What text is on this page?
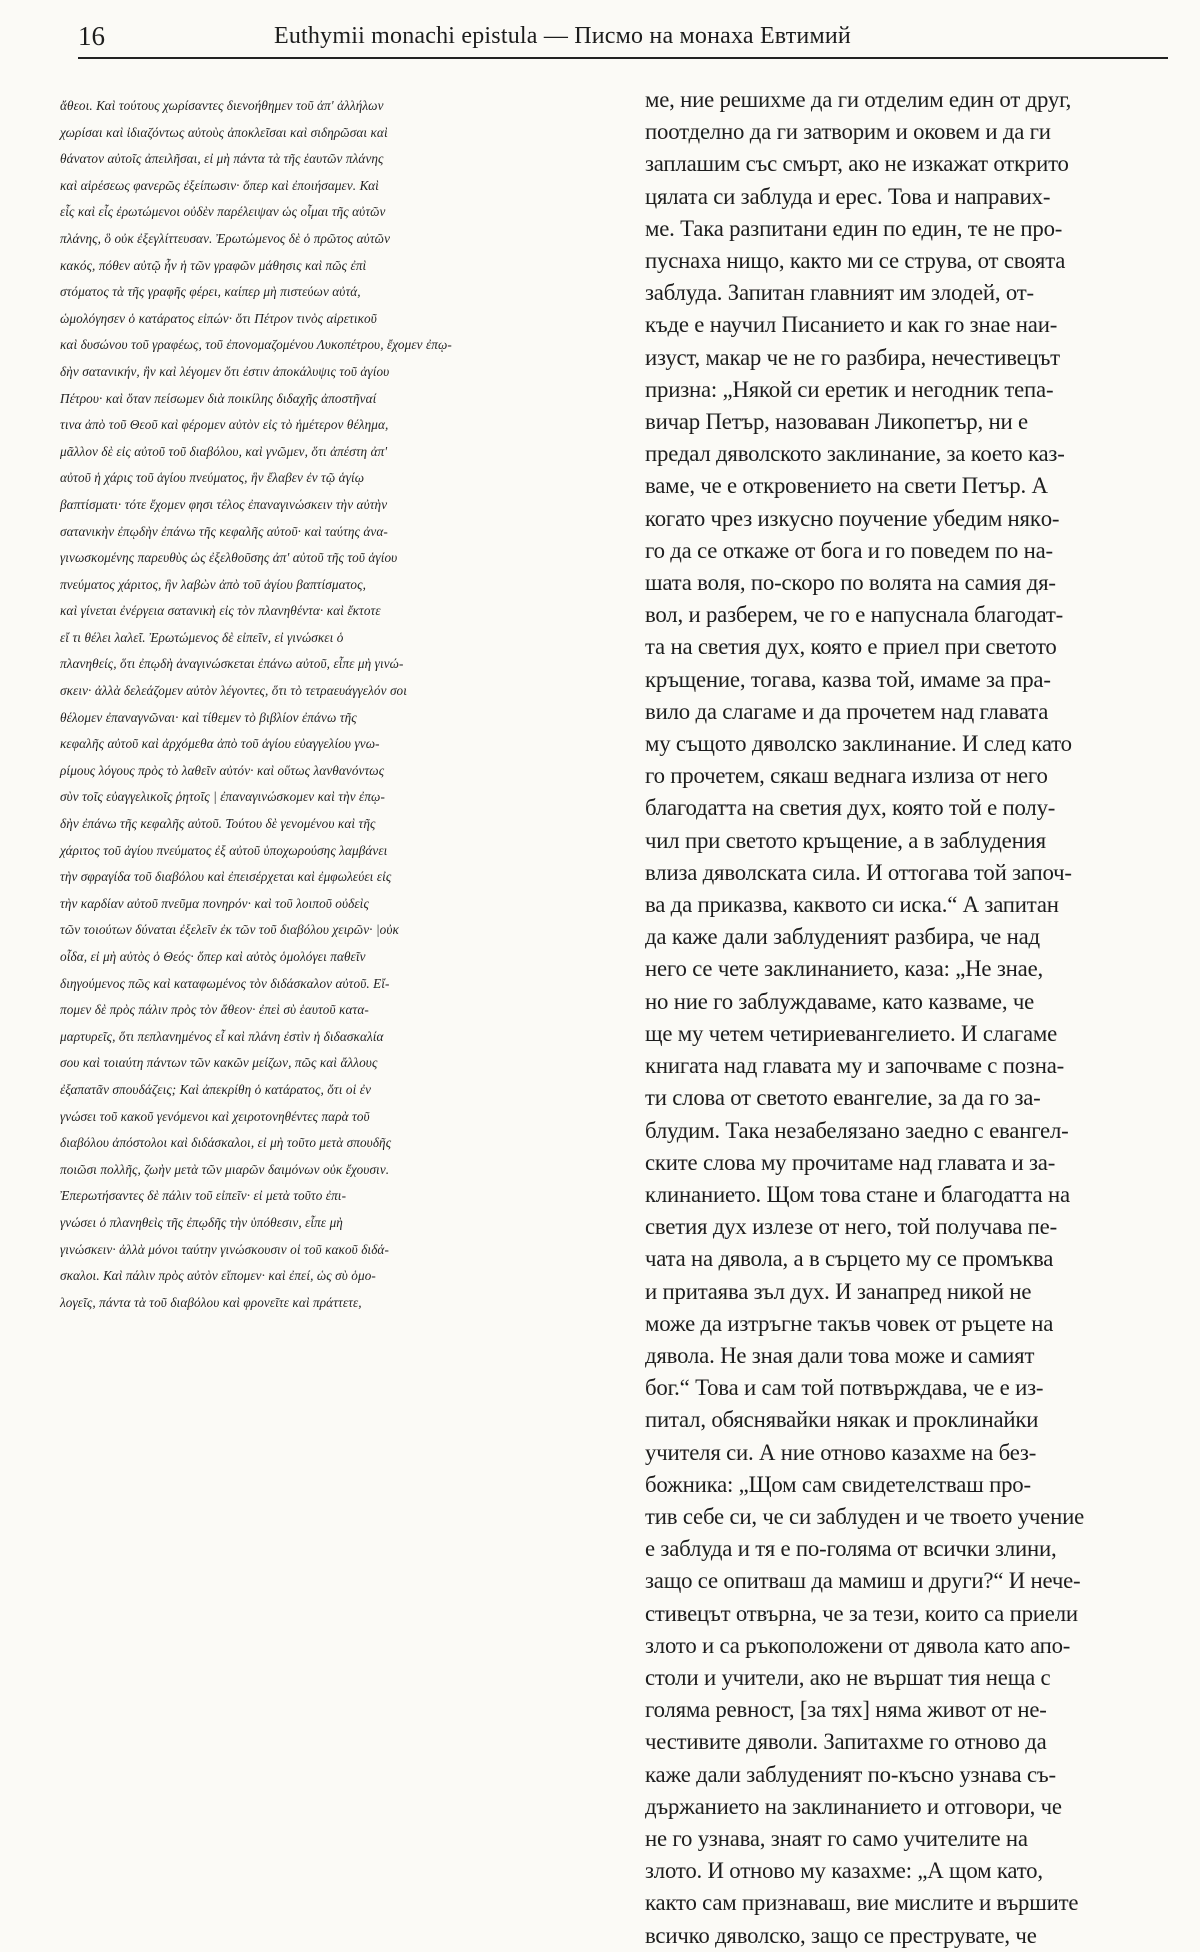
16	Euthymii monachi epistula — Писмо на монаха Евтимий
ἄθεοι. Καὶ τούτους χωρίσαντες διενοήθημεν τοῦ ἀπ' ἀλλήλων
χωρίσαι καὶ ἰδιαζόντως αὐτοὺς ἀποκλεῖσαι καὶ σιδηρῶσαι καὶ
θάνατον αὐτοῖς ἀπειλῆσαι, εἰ μὴ πάντα τὰ τῆς ἑαυτῶν πλάνης
καὶ αἱρέσεως φανερῶς ἐξείπωσιν· ὅπερ καὶ ἐποιήσαμεν. Καὶ
εἷς καὶ εἷς ἐρωτώμενοι οὐδὲν παρέλειψαν ὡς οἶμαι τῆς αὐτῶν
πλάνης, ὃ οὐκ ἐξεγλίττευσαν. Ἐρωτώμενος δὲ ὁ πρῶτος αὐτῶν
κακός, πόθεν αὐτῷ ἦν ἡ τῶν γραφῶν μάθησις καὶ πῶς ἐπὶ
στόματος τὰ τῆς γραφῆς φέρει, καίπερ μὴ πιστεύων αὐτά,
ὡμολόγησεν ὁ κατάρατος εἰπών· ὅτι Πέτρον τινὸς αἱρετικοῦ
καὶ δυσώνου τοῦ γραφέως, τοῦ ἐπονομαζομένου Λυκοπέτρου, ἔχομεν ἐπῳ-
δὴν σατανικήν, ἣν καὶ λέγομεν ὅτι ἐστιν ἀποκάλυψις τοῦ ἁγίου
Πέτρου· καὶ ὅταν πείσωμεν διὰ ποικίλης διδαχῆς ἀποστῆναί
τινα ἀπὸ τοῦ Θεοῦ καὶ φέρομεν αὐτὸν εἰς τὸ ἡμέτερον θέλημα,
μᾶλλον δὲ εἰς αὐτοῦ τοῦ διαβόλου, καὶ γνῶμεν, ὅτι ἀπέστη ἀπ'
αὐτοῦ ἡ χάρις τοῦ ἁγίου πνεύματος, ἣν ἔλαβεν ἐν τῷ ἁγίῳ
βαπτίσματι· τότε ἔχομεν φησι τέλος ἐπαναγινώσκειν τὴν αὐτὴν
σατανικὴν ἐπῳδὴν ἐπάνω τῆς κεφαλῆς αὐτοῦ· καὶ ταύτης ἀνα-
γινωσκομένης παρευθὺς ὡς ἐξελθοῦσης ἀπ' αὐτοῦ τῆς τοῦ ἁγίου
πνεύματος χάριτος, ἣν λαβὼν ἀπὸ τοῦ ἁγίου βαπτίσματος,
καὶ γίνεται ἐνέργεια σατανικὴ εἰς τὸν πλανηθέντα· καὶ ἔκτοτε
εἴ τι θέλει λαλεῖ. Ἐρωτώμενος δὲ εἰπεῖν, εἰ γινώσκει ὁ
πλανηθείς, ὅτι ἐπῳδὴ ἀναγινώσκεται ἐπάνω αὐτοῦ, εἶπε μὴ γινώ-
σκειν· ἀλλὰ δελεάζομεν αὐτὸν λέγοντες, ὅτι τὸ τετραευάγγελόν σοι
θέλομεν ἐπαναγνῶναι· καὶ τίθεμεν τὸ βιβλίον ἐπάνω τῆς
κεφαλῆς αὐτοῦ καὶ ἀρχόμεθα ἀπὸ τοῦ ἁγίου εὐαγγελίου γνω-
ρίμους λόγους πρὸς τὸ λαθεῖν αὐτόν· καὶ οὕτως λανθανόντως
σὺν τοῖς εὐαγγελικοῖς ῥητοῖς | ἐπαναγινώσκομεν καὶ τὴν ἐπῳ-
δὴν ἐπάνω τῆς κεφαλῆς αὐτοῦ. Τούτου δὲ γενομένου καὶ τῆς
χάριτος τοῦ ἁγίου πνεύματος ἐξ αὐτοῦ ὑποχωρούσης λαμβάνει
τὴν σφραγίδα τοῦ διαβόλου καὶ ἐπεισέρχεται καὶ ἐμφωλεύει εἰς
τὴν καρδίαν αὐτοῦ πνεῦμα πονηρόν· καὶ τοῦ λοιποῦ οὐδεὶς
τῶν τοιούτων δύναται ἐξελεῖν ἐκ τῶν τοῦ διαβόλου χειρῶν· |οὐκ
οἶδα, εἰ μὴ αὐτὸς ὁ Θεός· ὅπερ καὶ αὐτὸς ὁμολόγει παθεῖν
διηγούμενος πῶς καὶ καταφωμένος τὸν διδάσκαλον αὐτοῦ. Εἴ-
πομεν δὲ πρὸς πάλιν πρὸς τὸν ἄθεον· ἐπεὶ σὺ ἑαυτοῦ κατα-
μαρτυρεῖς, ὅτι πεπλανημένος εἶ καὶ πλάνη ἐστὶν ἡ διδασκαλία
σου καὶ τοιαύτη πάντων τῶν κακῶν μείζων, πῶς καὶ ἄλλους
ἐξαπατᾶν σπουδάζεις; Καὶ ἀπεκρίθη ὁ κατάρατος, ὅτι οἱ ἐν
γνώσει τοῦ κακοῦ γενόμενοι καὶ χειροτονηθέντες παρὰ τοῦ
διαβόλου ἀπόστολοι καὶ διδάσκαλοι, εἰ μὴ τοῦτο μετὰ σπουδῆς
ποιῶσι πολλῆς, ζωὴν μετὰ τῶν μιαρῶν δαιμόνων οὐκ ἔχουσιν.
Ἐπερωτήσαντες δὲ πάλιν τοῦ εἰπεῖν· εἰ μετὰ τοῦτο ἐπι-
γνώσει ὁ πλανηθεὶς τῆς ἐπῳδῆς τὴν ὑπόθεσιν, εἶπε μὴ
γινώσκειν· ἀλλὰ μόνοι ταύτην γινώσκουσιν οἱ τοῦ κακοῦ διδά-
σκαλοι. Καὶ πάλιν πρὸς αὐτὸν εἴπομεν· καὶ ἐπεί, ὡς σὺ ὁμο-
λογεῖς, πάντα τὰ τοῦ διαβόλου καὶ φρονεῖτε καὶ πράττετε,
ме, ние решихме да ги отделим един от друг,
поотделно да ги затворим и оковем и да ги
заплашим със смърт, ако не изкажат открито
цялата си заблуда и ерес. Това и направих-
ме. Така разпитани един по един, те не про-
пуснаха нищо, както ми се струва, от своята
заблуда. Запитан главният им злодей, от-
къде е научил Писанието и как го знае наи-
изуст, макар че не го разбира, нечестивецът
призна: „Някой си еретик и негодник тепа-
вичар Петър, назоваван Ликопетър, ни е
предал дяволското заклинание, за което каз-
ваме, че е откровението на свети Петър. А
когато чрез изкусно поучение убедим някo-
го да се откаже от бога и го поведем по на-
шата воля, по-скоро по волята на самия дя-
вол, и разберем, че го е напуснала благодат-
та на светия дух, която е приел при светото
кръщение, тогава, казва той, имаме за пра-
вило да слагаме и да прочетем над главата
му същото дяволско заклинание. И след като
го прочетем, сякаш веднага излиза от него
благодатта на светия дух, която той е полу-
чил при светото кръщение, а в заблудения
влиза дяволската сила. И оттогава той започ-
ва да приказва, каквото си иска.“ А запитан
да каже дали заблуденият разбира, че над
него се чете заклинанието, каза: „Не знае,
но ние го заблуждаваме, като казваме, че
ще му четем четириевангелието. И слагаме
книгата над главата му и започваме с позна-
ти слова от светото евангелие, за да го за-
блудим. Така незабелязано заедно с евангел-
ските слова му прочитаме над главата и за-
клинанието. Щом това стане и благодатта на
светия дух излезе от него, той получава пе-
чата на дявола, а в сърцето му се промъква
и притаява зъл дух. И занапред никой не
може да изтръгне такъв човек от ръцете на
дявола. Не зная дали това може и самият
бог.“ Това и сам той потвърждава, че е из-
питал, обяснявайки някак и проклинайки
учителя си. А ние отново казахме на без-
божника: „Щом сам свидетелстваш про-
тив себе си, че си заблуден и че твоето учение
е заблуда и тя е по-голяма от всички злини,
защо се опитваш да мамиш и други?“ И нече-
стивецът отвърна, че за тези, които са приели
злото и са ръкоположени от дявола като апо-
столи и учители, ако не вършат тия неща с
голяма ревност, [за тях] няма живот от не-
честивите дяволи. Запитахме го отново да
каже дали заблуденият по-късно узнава съ-
държанието на заклинанието и отговори, че
не го узнава, знаят го само учителите на
злото. И отново му казахме: „А щом като,
както сам признаваш, вие мислите и вършите
всичко дяволско, защо се преструвате, че
